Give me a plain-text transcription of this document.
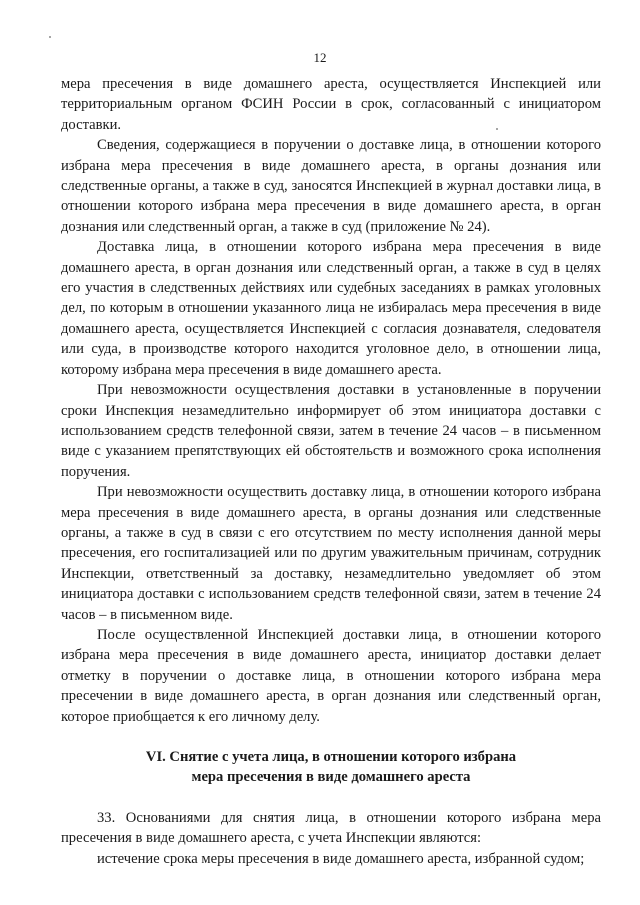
12

мера пресечения в виде домашнего ареста, осуществляется Инспекцией или территориальным органом ФСИН России в срок, согласованный с инициатором доставки.

Сведения, содержащиеся в поручении о доставке лица, в отношении которого избрана мера пресечения в виде домашнего ареста, в органы дознания или следственные органы, а также в суд, заносятся Инспекцией в журнал доставки лица, в отношении которого избрана мера пресечения в виде домашнего ареста, в орган дознания или следственный орган, а также в суд (приложение № 24).

Доставка лица, в отношении которого избрана мера пресечения в виде домашнего ареста, в орган дознания или следственный орган, а также в суд в целях его участия в следственных действиях или судебных заседаниях в рамках уголовных дел, по которым в отношении указанного лица не избиралась мера пресечения в виде домашнего ареста, осуществляется Инспекцией с согласия дознавателя, следователя или суда, в производстве которого находится уголовное дело, в отношении лица, которому избрана мера пресечения в виде домашнего ареста.

При невозможности осуществления доставки в установленные в поручении сроки Инспекция незамедлительно информирует об этом инициатора доставки с использованием средств телефонной связи, затем в течение 24 часов – в письменном виде с указанием препятствующих ей обстоятельств и возможного срока исполнения поручения.

При невозможности осуществить доставку лица, в отношении которого избрана мера пресечения в виде домашнего ареста, в органы дознания или следственные органы, а также в суд в связи с его отсутствием по месту исполнения данной меры пресечения, его госпитализацией или по другим уважительным причинам, сотрудник Инспекции, ответственный за доставку, незамедлительно уведомляет об этом инициатора доставки с использованием средств телефонной связи, затем в течение 24 часов – в письменном виде.

После осуществленной Инспекцией доставки лица, в отношении которого избрана мера пресечения в виде домашнего ареста, инициатор доставки делает отметку в поручении о доставке лица, в отношении которого избрана мера пресечении в виде домашнего ареста, в орган дознания или следственный орган, которое приобщается к его личному делу.

VI. Снятие с учета лица, в отношении которого избрана
мера пресечения в виде домашнего ареста

33. Основаниями для снятия лица, в отношении которого избрана мера пресечения в виде домашнего ареста, с учета Инспекции являются:

истечение срока меры пресечения в виде домашнего ареста, избранной судом;
